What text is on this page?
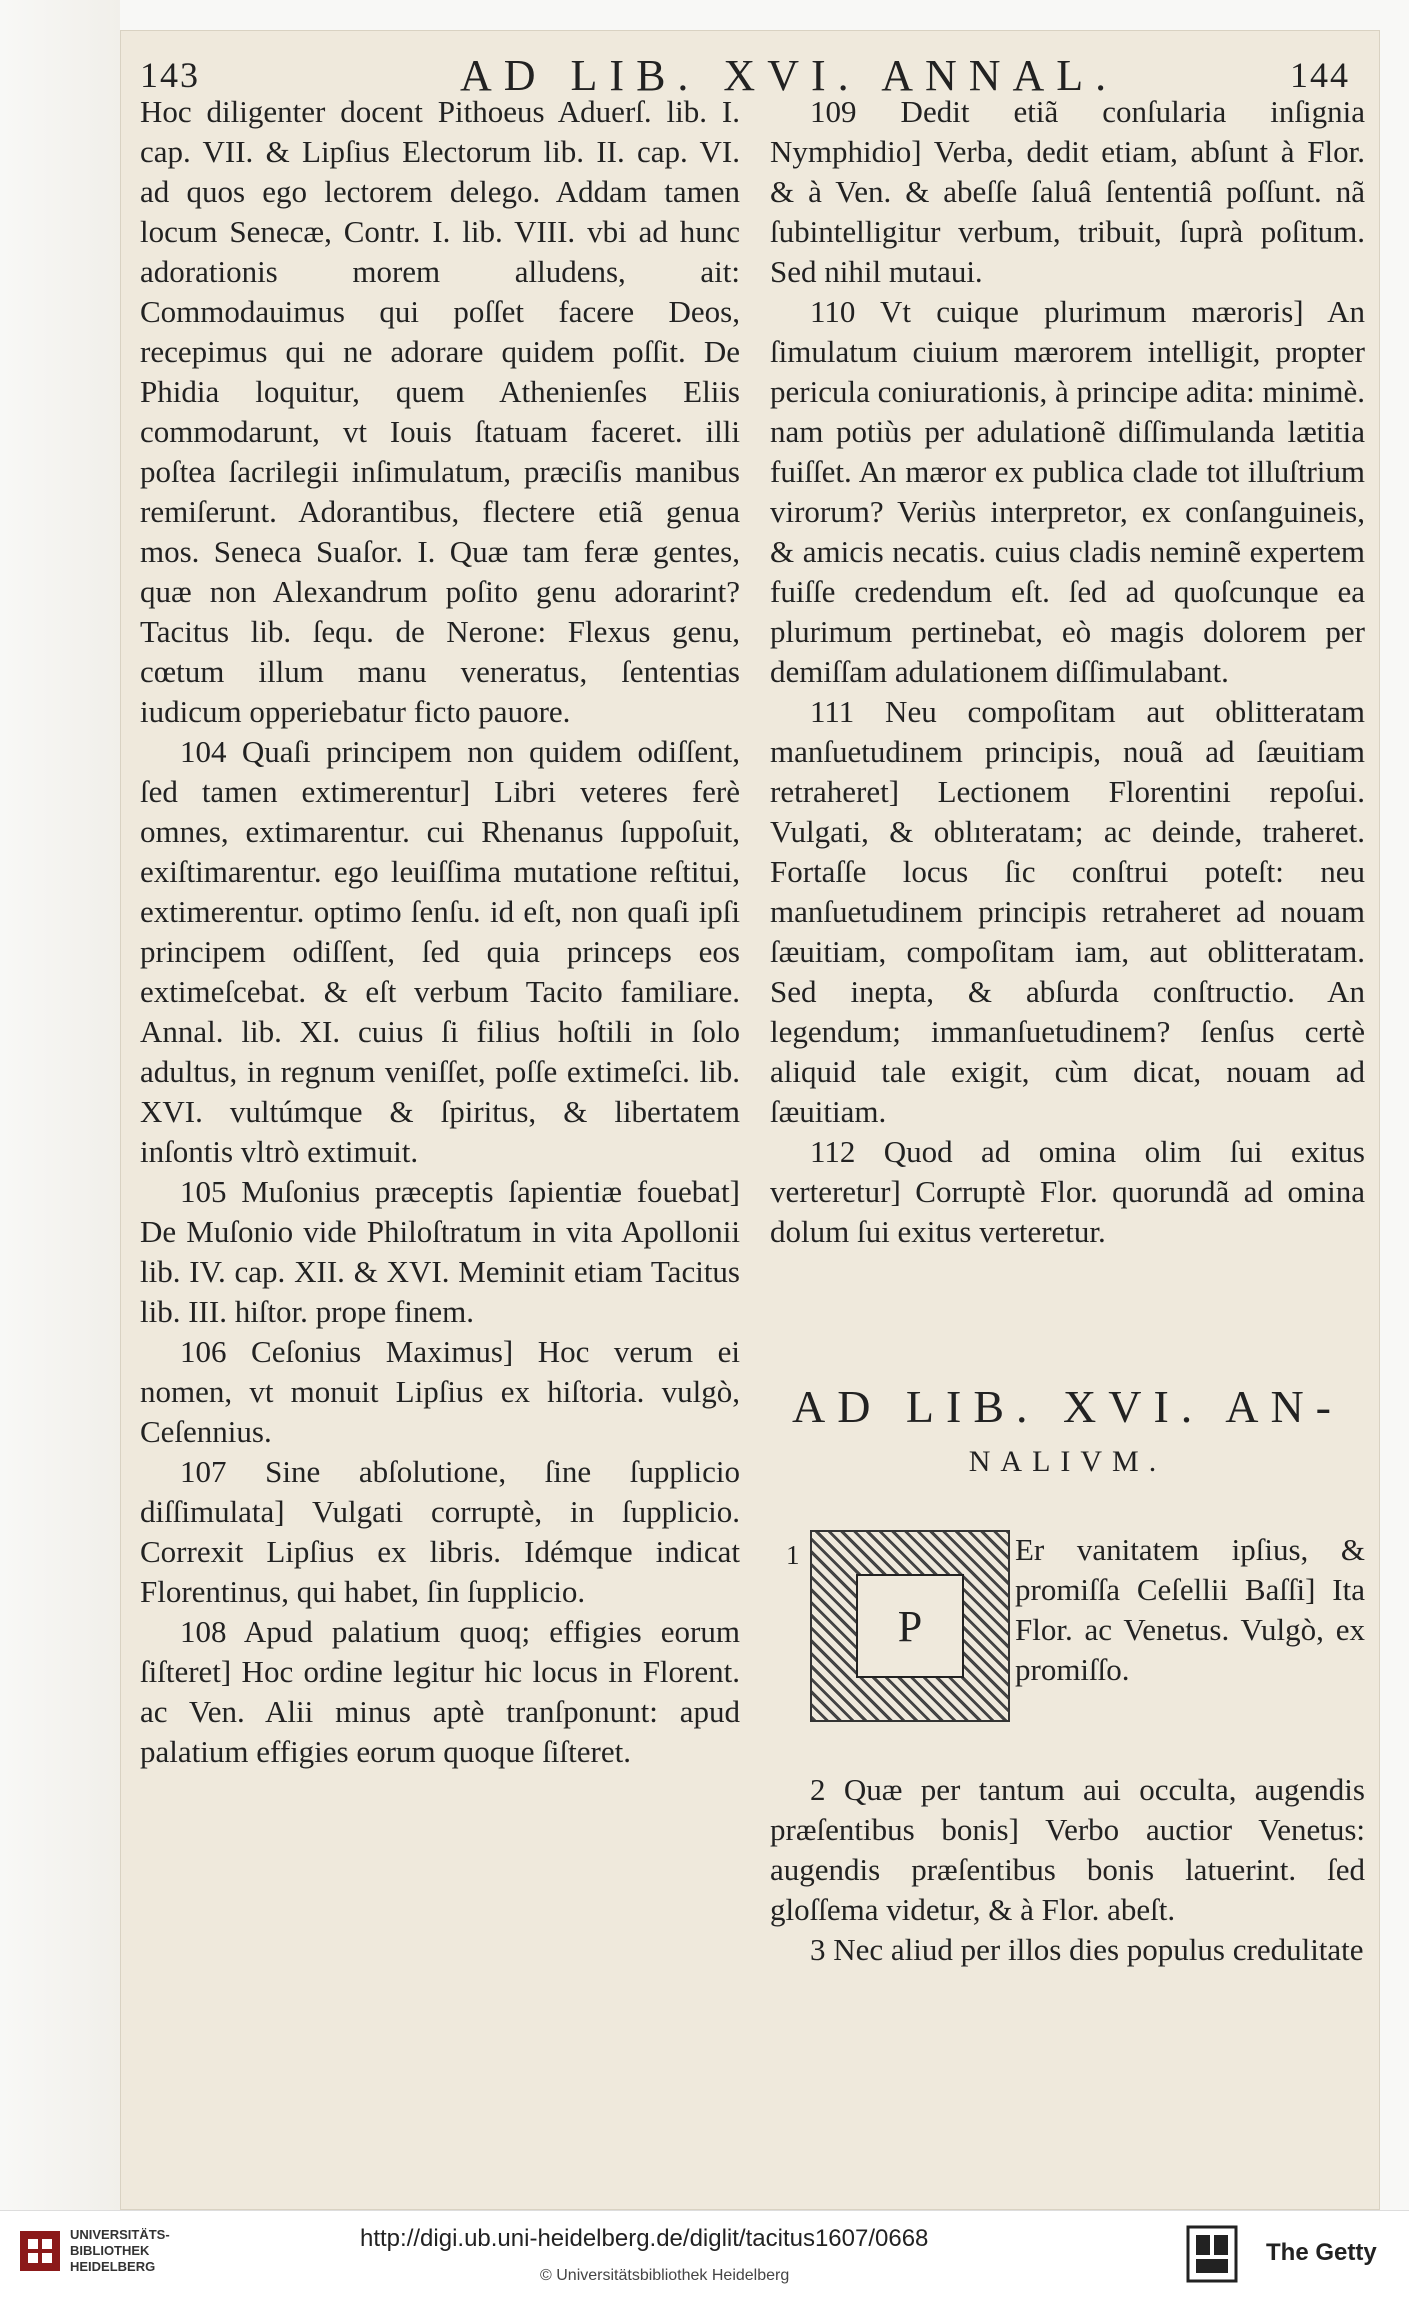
143	AD LIB. XVI. ANNAL.	144

Hoc diligenter docent Pithoeus Aduerſ. lib. I. cap. VII. & Lipſius Electorum lib. II. cap. VI. ad quos ego lectorem delego. Addam tamen locum Senecæ, Contr. I. lib. VIII. vbi ad hunc adorationis morem alludens, ait: Commodauimus qui poſſet facere Deos, recepimus qui ne adorare quidem poſſit. De Phidia loquitur, quem Athenienſes Eliis commodarunt, vt Iouis ſtatuam faceret. illi poſtea ſacrilegii inſimulatum, præciſis manibus remiſerunt. Adorantibus, flectere etiã genua mos. Seneca Suaſor. I. Quæ tam feræ gentes, quæ non Alexandrum poſito genu adorarint? Tacitus lib. ſequ. de Nerone: Flexus genu, cœtum illum manu veneratus, ſententias iudicum opperiebatur ficto pauore.

104 Quaſi principem non quidem odiſſent, ſed tamen extimerentur] Libri veteres ferè omnes, extimarentur. cui Rhenanus ſuppoſuit, exiſtimarentur. ego leuiſſima mutatione reſtitui, extimerentur. optimo ſenſu. id eſt, non quaſi ipſi principem odiſſent, ſed quia princeps eos extimeſcebat. & eſt verbum Tacito familiare. Annal. lib. XI. cuius ſi filius hoſtili in ſolo adultus, in regnum veniſſet, poſſe extimeſci. lib. XVI. vultúmque & ſpiritus, & libertatem inſontis vltrò extimuit.

105 Muſonius præceptis ſapientiæ fouebat] De Muſonio vide Philoſtratum in vita Apollonii lib. IV. cap. XII. & XVI. Meminit etiam Tacitus lib. III. hiſtor. prope finem.

106 Ceſonius Maximus] Hoc verum ei nomen, vt monuit Lipſius ex hiſtoria. vulgò, Ceſennius.

107 Sine abſolutione, ſine ſupplicio diſſimulata] Vulgati corruptè, in ſupplicio. Correxit Lipſius ex libris. Idémque indicat Florentinus, qui habet, ſin ſupplicio.

108 Apud palatium quoq; effigies eorum ſiſteret] Hoc ordine legitur hic locus in Florent. ac Ven. Alii minus aptè tranſponunt: apud palatium effigies eorum quoque ſiſteret.

109 Dedit etiã conſularia inſignia Nymphidio] Verba, dedit etiam, abſunt à Flor. & à Ven. & abeſſe ſaluâ ſententiâ poſſunt. nã ſubintelligitur verbum, tribuit, ſuprà poſitum. Sed nihil mutaui.

110 Vt cuique plurimum mæroris] An ſimulatum ciuium mærorem intelligit, propter pericula coniurationis, à principe adita: minimè. nam potiùs per adulationẽ diſſimulanda lætitia fuiſſet. An mæror ex publica clade tot illuſtrium virorum? Veriùs interpretor, ex conſanguineis, & amicis necatis. cuius cladis neminẽ expertem fuiſſe credendum eſt. ſed ad quoſcunque ea plurimum pertinebat, eò magis dolorem per demiſſam adulationem diſſimulabant.

111 Neu compoſitam aut oblitteratam manſuetudinem principis, nouã ad ſæuitiam retraheret] Lectionem Florentini repoſui. Vulgati, & oblıteratam; ac deinde, traheret. Fortaſſe locus ſic conſtrui poteſt: neu manſuetudinem principis retraheret ad nouam ſæuitiam, compoſitam iam, aut oblitteratam. Sed inepta, & abſurda conſtructio. An legendum; immanſuetudinem? ſenſus certè aliquid tale exigit, cùm dicat, nouam ad ſæuitiam.

112 Quod ad omina olim ſui exitus verteretur] Corruptè Flor. quorundã ad omina dolum ſui exitus verteretur.

AD LIB. XVI. AN-
NALIVM.
1
P

Er vanitatem ipſius, & promiſſa Ceſellii Baſſi] Ita Flor. ac Venetus. Vulgò, ex promiſſo.

2 Quæ per tantum aui occulta, augendis præſentibus bonis] Verbo auctior Venetus: augendis præſentibus bonis latuerint. ſed gloſſema videtur, & à Flor. abeſt.

3 Nec aliud per illos dies populus credulitate

UNIVERSITÄTS-
BIBLIOTHEK
HEIDELBERG
http://digi.ub.uni-heidelberg.de/diglit/tacitus1607/0668
© Universitätsbibliothek Heidelberg
The Getty
